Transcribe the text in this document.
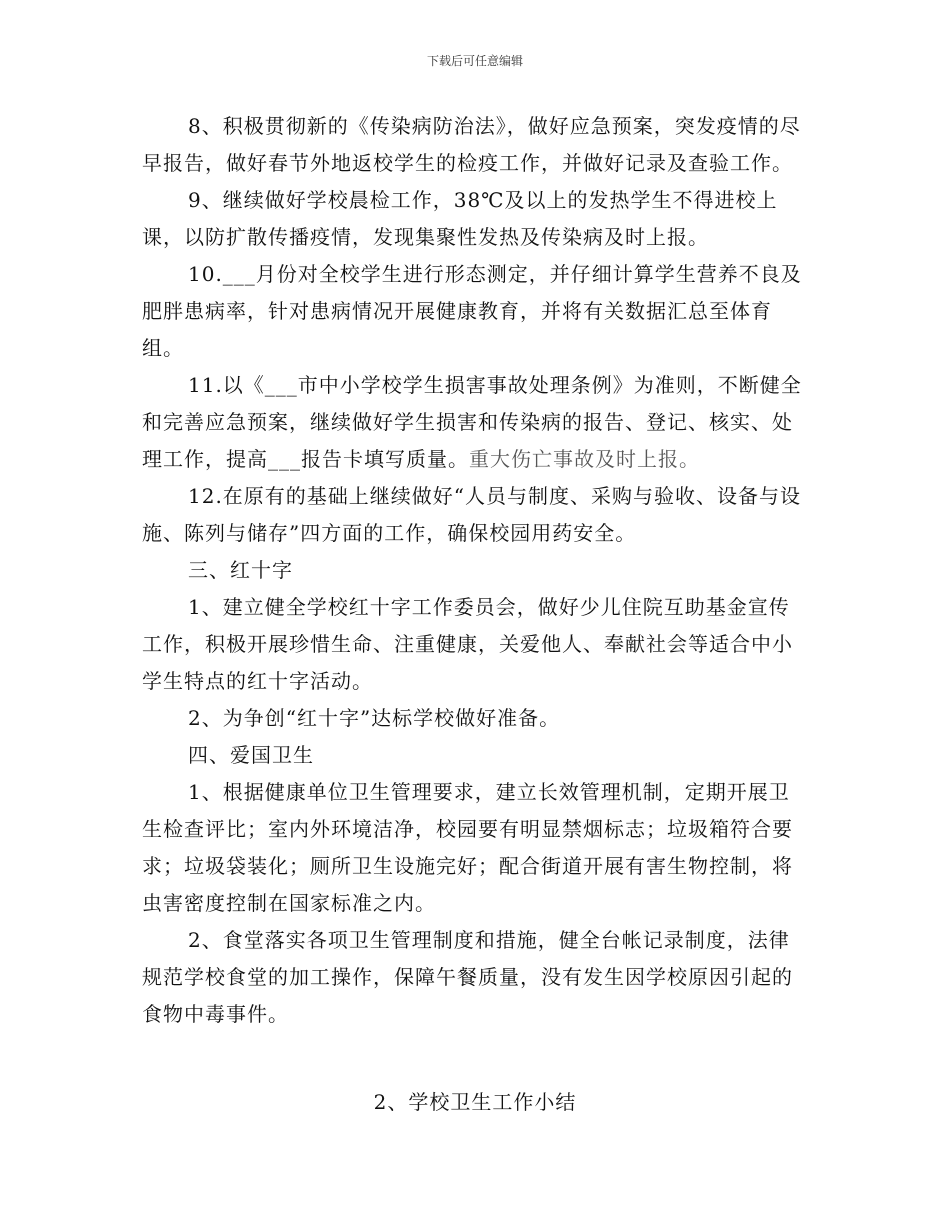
下载后可任意编辑

8、积极贯彻新的《传染病防治法》，做好应急预案，突发疫情的尽早报告，做好春节外地返校学生的检疫工作，并做好记录及查验工作。

9、继续做好学校晨检工作，38℃及以上的发热学生不得进校上课，以防扩散传播疫情，发现集聚性发热及传染病及时上报。

10.___月份对全校学生进行形态测定，并仔细计算学生营养不良及肥胖患病率，针对患病情况开展健康教育，并将有关数据汇总至体育组。

11.以《___市中小学校学生损害事故处理条例》为准则，不断健全和完善应急预案，继续做好学生损害和传染病的报告、登记、核实、处理工作，提高___报告卡填写质量。重大伤亡事故及时上报。

12.在原有的基础上继续做好“人员与制度、采购与验收、设备与设施、陈列与储存”四方面的工作，确保校园用药安全。

三、红十字

1、建立健全学校红十字工作委员会，做好少儿住院互助基金宣传工作，积极开展珍惜生命、注重健康，关爱他人、奉献社会等适合中小学生特点的红十字活动。

2、为争创“红十字”达标学校做好准备。

四、爱国卫生

1、根据健康单位卫生管理要求，建立长效管理机制，定期开展卫生检查评比；室内外环境洁净，校园要有明显禁烟标志；垃圾箱符合要求；垃圾袋装化；厕所卫生设施完好；配合街道开展有害生物控制，将虫害密度控制在国家标准之内。

2、食堂落实各项卫生管理制度和措施，健全台帐记录制度，法律规范学校食堂的加工操作，保障午餐质量，没有发生因学校原因引起的食物中毒事件。

2、学校卫生工作小结
